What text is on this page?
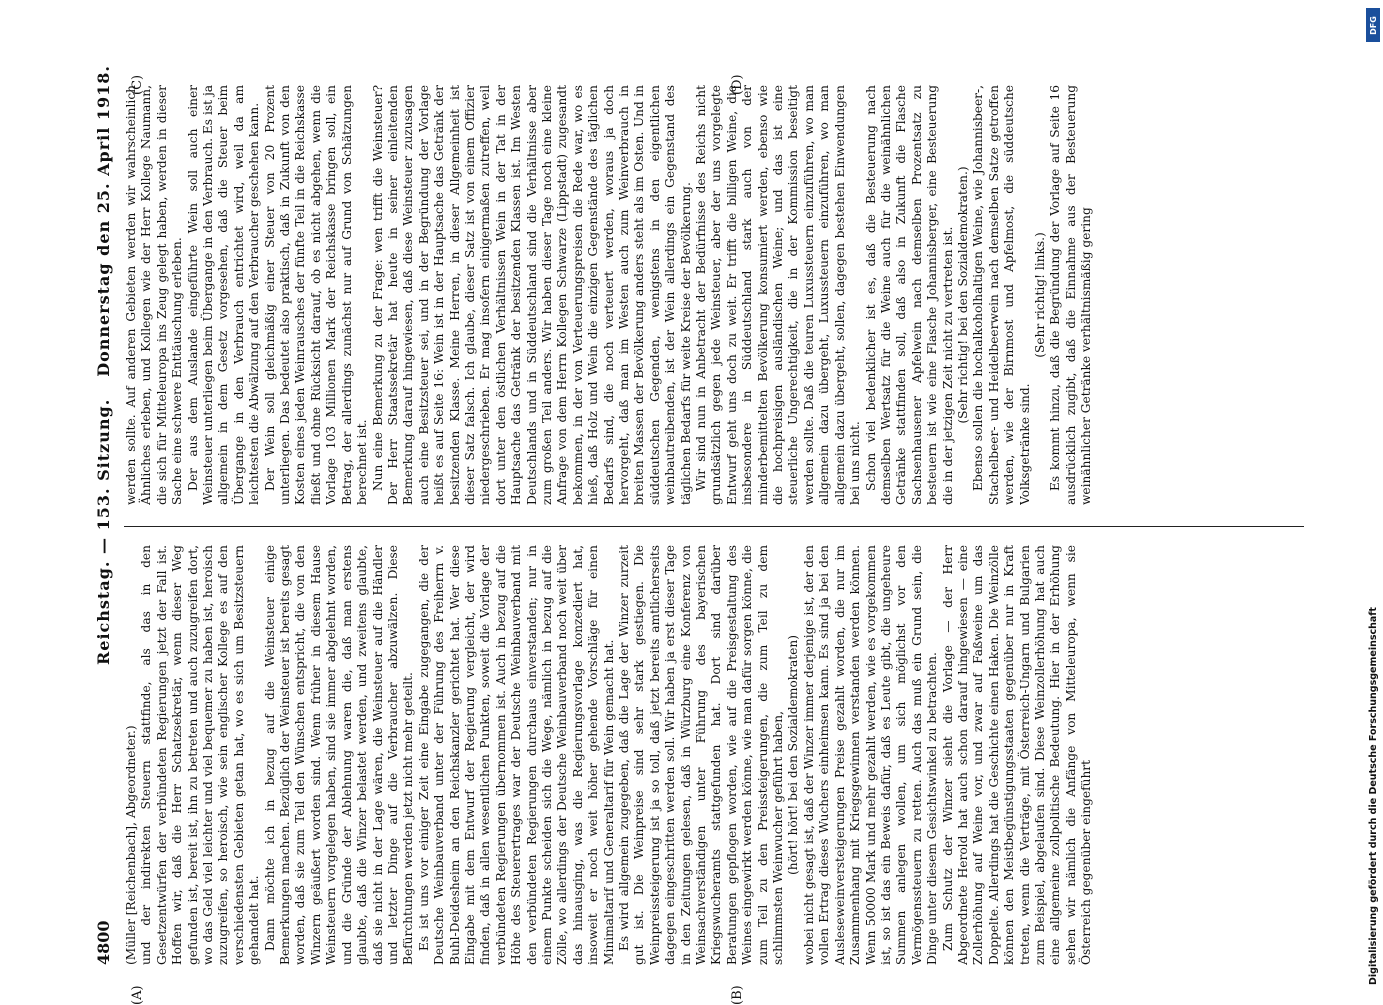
4800
Reichstag. — 153. Sitzung.
Donnerstag den 25. April 1918.

(Müller [Reichenbach], Abgeordneter.) und der indirekten Steuern stattfinde, als das in den Gesetzentwürfen der verbündeten Regierungen jetzt der Fall ist. Hoffen wir, daß die Herr Schatzsekretär, wenn dieser Weg gefunden ist, bereit ist, ihn zu betreten und auch zuzugreifen dort, wo das Geld viel leichter und viel bequemer zu haben ist, heroisch zuzugreifen, so heroisch, wie sein englischer Kollege es auf den verschiedensten Gebieten getan hat, wo es sich um Besitzsteuern gehandelt hat. Dann möchte ich in bezug auf die Weinsteuer einige Bemerkungen machen. Bezüglich der Weinsteuer ist bereits gesagt worden, daß sie zum Teil den Wünschen entspricht, die von den Winzern geäußert worden sind. Wenn früher in diesem Hause Weinsteuern vorgelegen haben, sind sie immer abgelehnt worden, und die Gründe der Ablehnung waren die, daß man erstens glaubte, daß die Winzer belastet werden, und zweitens glaubte, daß sie nicht in der Lage wären, die Weinsteuer auf die Händler und letzter Dinge auf die Verbraucher abzuwälzen. Diese Befürchtungen werden jetzt nicht mehr geteilt. Es ist uns vor einiger Zeit eine Eingabe zugegangen, die der Deutsche Weinbauverband unter der Führung des Freiherrn v. Buhl-Deidesheim an den Reichskanzler gerichtet hat. Wer diese Eingabe mit dem Entwurf der Regierung vergleicht, der wird finden, daß in allen wesentlichen Punkten, soweit die Vorlage der verbündeten Regierungen übernommen ist. Auch in bezug auf die Höhe des Steuerertrages war der Deutsche Weinbauverband mit den verbündeten Regierungen durchaus einverstanden; nur in einem Punkte scheiden sich die Wege, nämlich in bezug auf die Zölle, wo allerdings der Deutsche Weinbauverband noch weit über das hinausging, was die Regierungsvorlage konzediert hat, insoweit er noch weit höher gehende Vorschläge für einen Minimaltarif und Generaltarif für Wein gemacht hat. Es wird allgemein zugegeben, daß die Lage der Winzer zurzeit gut ist. Die Weinpreise sind sehr stark gestiegen. Die Weinpreissteigerung ist ja so toll, daß jetzt bereits amtlicherseits dagegen eingeschritten werden soll. Wir haben ja erst dieser Tage in den Zeitungen gelesen, daß in Würzburg eine Konferenz von Weinsachverständigen unter Führung des bayerischen Kriegswucheramts stattgefunden hat. Dort sind darüber Beratungen gepflogen worden, wie auf die Preisgestaltung des Weines eingewirkt werden könne, wie man dafür sorgen könne, die zum Teil zu den Preissteigerungen, die zum Teil zu dem schlimmsten Weinwucher geführt haben, (hört! hört! bei den Sozialdemokraten) wobei nicht gesagt ist, daß der Winzer immer derjenige ist, der den vollen Ertrag dieses Wuchers einheimsen kann. Es sind ja bei den Ausleseweinversteigerungen Preise gezahlt worden, die nur im Zusammenhang mit Kriegsgewinnen verstanden werden können. Wenn 50000 Mark und mehr gezahlt werden, wie es vorgekommen ist, so ist das ein Beweis dafür, daß es Leute gibt, die ungeheure Summen anlegen wollen, um sich möglichst vor den Vermögenssteuern zu retten. Auch das muß ein Grund sein, die Dinge unter diesem Gesichtswinkel zu betrachten. Zum Schutz der Winzer sieht die Vorlage — der Herr Abgeordnete Herold hat auch schon darauf hingewiesen — eine Zollerhöhung auf Weine vor, und zwar auf Faßweine um das Doppelte. Allerdings hat die Geschichte einen Haken. Die Weinzölle können den Meistbegünstigungsstaaten gegenüber nur in Kraft treten, wenn die Verträge, mit Österreich-Ungarn und Bulgarien zum Beispiel, abgelaufen sind. Diese Weinzollerhöhung hat auch eine allgemeine zollpolitische Bedeutung. Hier in der Erhöhung sehen wir nämlich die Anfänge von Mitteleuropa, wenn sie Österreich gegenüber eingeführt

werden sollte. Auf anderen Gebieten werden wir wahrscheinlich Ähnliches erleben, und Kollegen wie der Herr Kollege Naumann, die sich für Mitteleuropa ins Zeug gelegt haben, werden in dieser Sache eine schwere Enttäuschung erleben. Der aus dem Auslande eingeführte Wein soll auch einer Weinsteuer unterliegen beim Übergange in den Verbrauch. Es ist ja allgemein in dem Gesetz vorgesehen, daß die Steuer beim Übergange in den Verbrauch entrichtet wird, weil da am leichtesten die Abwälzung auf den Verbraucher geschehen kann. Der Wein soll gleichmäßig einer Steuer von 20 Prozent unterliegen. Das bedeutet also praktisch, daß in Zukunft von den Kosten eines jeden Weinrausches der fünfte Teil in die Reichskasse fließt und ohne Rücksicht darauf, ob es nicht abgehen, wenn die Vorlage 103 Millionen Mark der Reichskasse bringen soll, ein Betrag, der allerdings zunächst nur auf Grund von Schätzungen berechnet ist. Nun eine Bemerkung zu der Frage: wen trifft die Weinsteuer? Der Herr Staatssekretär hat heute in seiner einleitenden Bemerkung darauf hingewiesen, daß diese Weinsteuer zuzusagen auch eine Besitzsteuer sei, und in der Begründung der Vorlage heißt es auf Seite 16: Wein ist in der Hauptsache das Getränk der besitzenden Klasse. Meine Herren, in dieser Allgemeinheit ist dieser Satz falsch. Ich glaube, dieser Satz ist von einem Offizier niedergeschrieben. Er mag insofern einigermaßen zutreffen, weil dort unter den östlichen Verhältnissen Wein in der Tat in der Hauptsache das Getränk der besitzenden Klassen ist. Im Westen Deutschlands und in Süddeutschland sind die Verhältnisse aber zum großen Teil anders. Wir haben dieser Tage noch eine kleine Anfrage von dem Herrn Kollegen Schwarze (Lippstadt) zugesandt bekommen, in der von Verteuerungspreisen die Rede war, wo es hieß, daß Holz und Wein die einzigen Gegenstände des täglichen Bedarfs sind, die noch verteuert werden, woraus ja doch hervorgeht, daß man im Westen auch zum Weinverbrauch in breiten Massen der Bevölkerung anders steht als im Osten. Und in süddeutschen Gegenden, wenigstens in den eigentlichen weinbautreibenden, ist der Wein allerdings ein Gegenstand des täglichen Bedarfs für weite Kreise der Bevölkerung. Wir sind nun in Anbetracht der Bedürfnisse des Reichs nicht grundsätzlich gegen jede Weinsteuer, aber der uns vorgelegte Entwurf geht uns doch zu weit. Er trifft die billigen Weine, die insbesondere in Süddeutschland stark auch von der minderbemittelten Bevölkerung konsumiert werden, ebenso wie die hochpreisigen ausländischen Weine; und das ist eine steuerliche Ungerechtigkeit, die in der Kommission beseitigt werden sollte. Daß die teuren Luxussteuern einzuführen, wo man allgemein dazu übergeht, Luxussteuern einzuführen, wo man allgemein dazu übergeht, sollen, dagegen bestehen Einwendungen bei uns nicht. Schon viel bedenklicher ist es, daß die Besteuerung nach demselben Wertsatz für die Weine auch für die weinähnlichen Getränke stattfinden soll, daß also in Zukunft die Flasche Sachsenhausener Apfelwein nach demselben Prozentsatz zu besteuern ist wie eine Flasche Johannisberger, eine Besteuerung die in der jetzigen Zeit nicht zu vertreten ist. (Sehr richtig! bei den Sozialdemokraten.) Ebenso sollen die hochalkoholhaltigen Weine, wie Johannisbeer-, Stachelbeer- und Heidelbeerwein nach demselben Satze getroffen werden, wie der Birnmost und Apfelmost, die süddeutsche Volksgetränke sind.

(Sehr richtig! links.) Es kommt hinzu, daß die Begründung der Vorlage auf Seite 16 ausdrücklich zugibt, daß die Einnahme aus der Besteuerung weinähnlicher Getränke verhältnismäßig gering

(A)	(B)
(C)	(D)
DFG
Digitalisierung gefördert durch die Deutsche Forschungsgemeinschaft
